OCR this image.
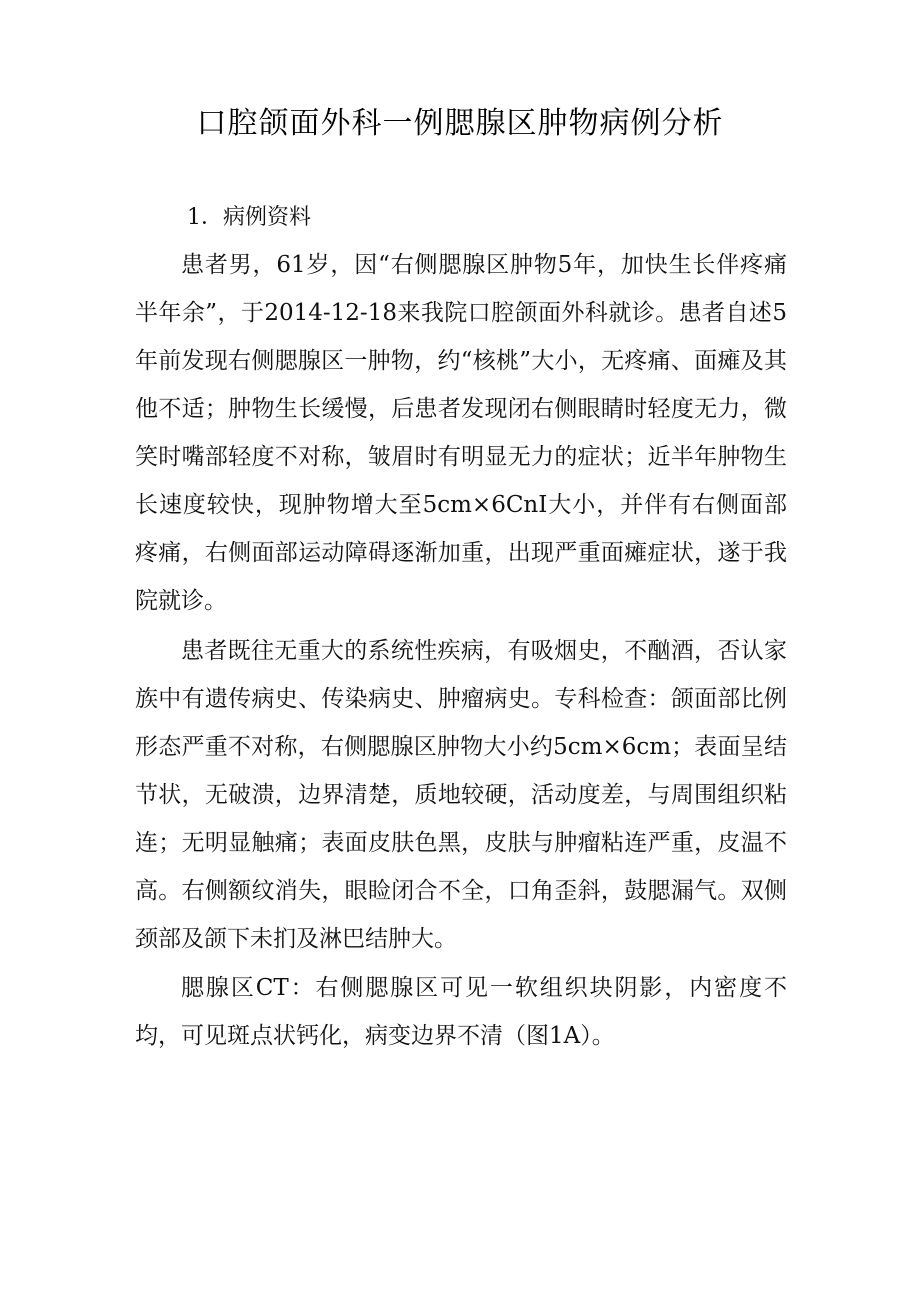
口腔颌面外科一例腮腺区肿物病例分析
1．病例资料

患者男，61岁，因“右侧腮腺区肿物5年，加快生长伴疼痛半年余”，于2014-12-18来我院口腔颌面外科就诊。患者自述5年前发现右侧腮腺区一肿物，约“核桃”大小，无疼痛、面瘫及其他不适；肿物生长缓慢，后患者发现闭右侧眼睛时轻度无力，微笑时嘴部轻度不对称，皱眉时有明显无力的症状；近半年肿物生长速度较快，现肿物增大至5cm×6CnI大小，并伴有右侧面部疼痛，右侧面部运动障碍逐渐加重，出现严重面瘫症状，遂于我院就诊。

患者既往无重大的系统性疾病，有吸烟史，不酗酒，否认家族中有遗传病史、传染病史、肿瘤病史。专科检查：颌面部比例形态严重不对称，右侧腮腺区肿物大小约5cm×6cm；表面呈结节状，无破溃，边界清楚，质地较硬，活动度差，与周围组织粘连；无明显触痛；表面皮肤色黑，皮肤与肿瘤粘连严重，皮温不高。右侧额纹消失，眼睑闭合不全，口角歪斜，鼓腮漏气。双侧颈部及颌下未扪及淋巴结肿大。

腮腺区CT：右侧腮腺区可见一软组织块阴影，内密度不均，可见斑点状钙化，病变边界不清（图1A）。
